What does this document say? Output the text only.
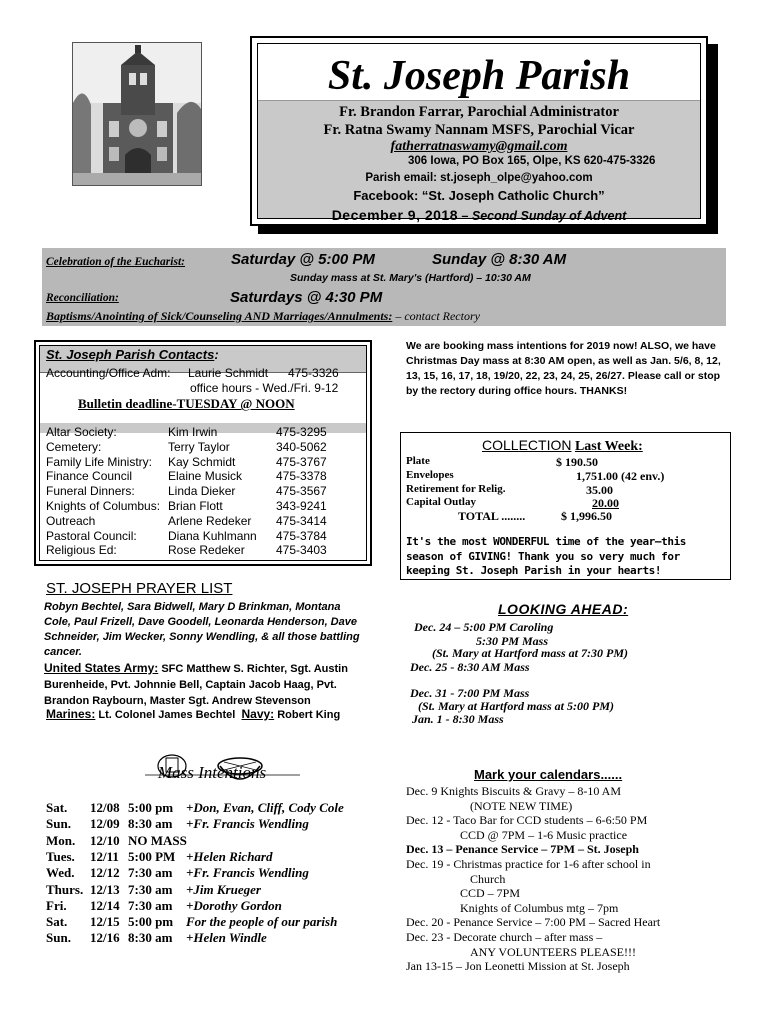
St. Joseph Parish
Fr. Brandon Farrar, Parochial Administrator
Fr. Ratna Swamy Nannam MSFS, Parochial Vicar
fatherratnaswamy@gmail.com
306 Iowa, PO Box 165, Olpe, KS 620-475-3326
Parish email: st.joseph_olpe@yahoo.com
Facebook: “St. Joseph Catholic Church”
December 9, 2018 – Second Sunday of Advent
Celebration of the Eucharist:	Saturday @ 5:00 PM	Sunday @ 8:30 AM
Sunday mass at St. Mary's (Hartford) – 10:30 AM
Reconciliation:	Saturdays @ 4:30 PM
Baptisms/Anointing of Sick/Counseling AND Marriages/Annulments: – contact Rectory
St. Joseph Parish Contacts:
Accounting/Office Adm: Laurie Schmidt 475-3326
office hours - Wed./Fri. 9-12
Bulletin deadline-TUESDAY @ NOON
Altar Society:	Kim Irwin	475-3295
Cemetery:	Terry Taylor	340-5062
Family Life Ministry: Kay Schmidt	475-3767
Finance Council	Elaine Musick	475-3378
Funeral Dinners:	Linda Dieker	475-3567
Knights of Columbus: Brian Flott	343-9241
Outreach	Arlene Redeker 475-3414
Pastoral Council:	Diana Kuhlmann 475-3784
Religious Ed:	Rose Redeker	475-3403
We are booking mass intentions for 2019 now! ALSO, we have Christmas Day mass at 8:30 AM open, as well as Jan. 5/6, 8, 12, 13, 15, 16, 17, 18, 19/20, 22, 23, 24, 25, 26/27. Please call or stop by the rectory during office hours. THANKS!
COLLECTION Last Week:
Plate	$ 190.50
Envelopes	1,751.00 (42 env.)
Retirement for Relig.	35.00
Capital Outlay	20.00
TOTAL ........	$ 1,996.50
It's the most WONDERFUL time of the year—this season of GIVING! Thank you so very much for keeping St. Joseph Parish in your hearts!
ST. JOSEPH PRAYER LIST
Robyn Bechtel, Sara Bidwell, Mary D Brinkman, Montana Cole, Paul Frizell, Dave Goodell, Leonarda Henderson, Dave Schneider, Jim Wecker, Sonny Wendling, & all those battling cancer.
United States Army: SFC Matthew S. Richter, Sgt. Austin Burenheide, Pvt. Johnnie Bell, Captain Jacob Haag, Pvt. Brandon Raybourn, Master Sgt. Andrew Stevenson
Marines: Lt. Colonel James Bechtel Navy: Robert King
LOOKING AHEAD:
Dec. 24 – 5:00 PM Caroling
5:30 PM Mass
(St. Mary at Hartford mass at 7:30 PM)
Dec. 25 - 8:30 AM Mass
Dec. 31 - 7:00 PM Mass
(St. Mary at Hartford mass at 5:00 PM)
Jan. 1 - 8:30 Mass
Mass Intentions
Sat. 12/08 5:00 pm +Don, Evan, Cliff, Cody Cole
Sun. 12/09 8:30 am +Fr. Francis Wendling
Mon. 12/10 NO MASS
Tues. 12/11 5:00 PM +Helen Richard
Wed. 12/12 7:30 am +Fr. Francis Wendling
Thurs. 12/13 7:30 am +Jim Krueger
Fri. 12/14 7:30 am +Dorothy Gordon
Sat. 12/15 5:00 pm For the people of our parish
Sun. 12/16 8:30 am +Helen Windle
Mark your calendars......
Dec. 9 Knights Biscuits & Gravy – 8-10 AM
(NOTE NEW TIME)
Dec. 12 - Taco Bar for CCD students – 6-6:50 PM
CCD @ 7PM – 1-6 Music practice
Dec. 13 – Penance Service – 7PM – St. Joseph
Dec. 19 - Christmas practice for 1-6 after school in
Church
CCD – 7PM
Knights of Columbus mtg – 7pm
Dec. 20 - Penance Service – 7:00 PM – Sacred Heart
Dec. 23 - Decorate church – after mass –
ANY VOLUNTEERS PLEASE!!!
Jan 13-15 – Jon Leonetti Mission at St. Joseph
